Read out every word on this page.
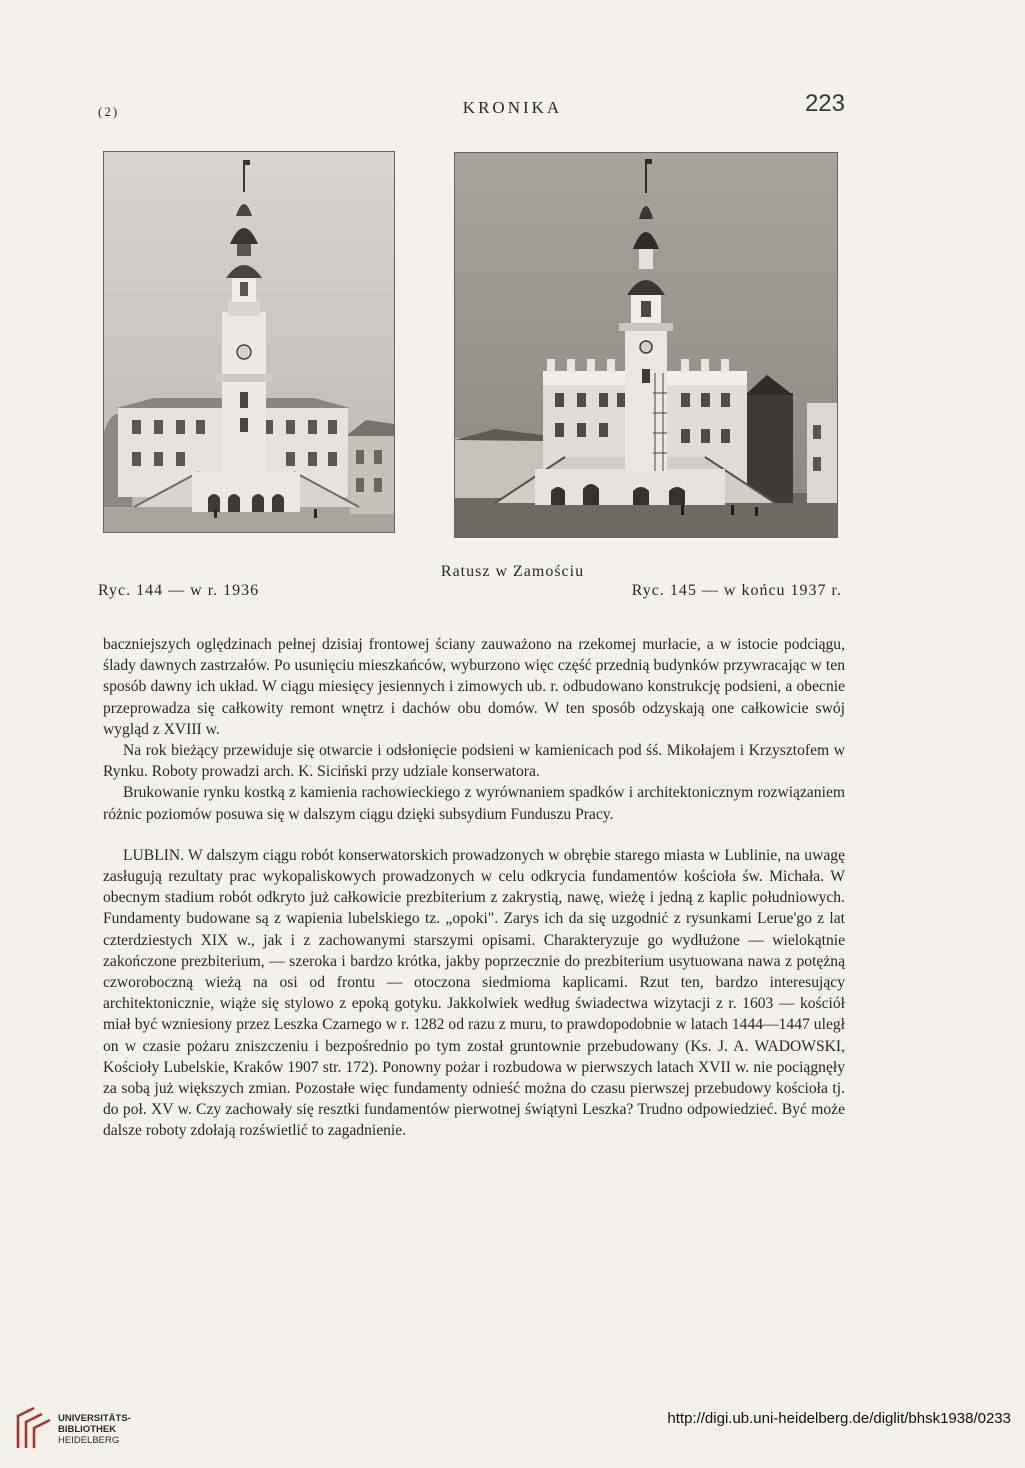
(2)	KRONIKA	223
Ratusz w Zamościu
Ryc. 144 — w r. 1936	Ryc. 145 — w końcu 1937 r.

baczniejszych oględzinach pełnej dzisiaj frontowej ściany zauważono na rzekomej murłacie, a w istocie podciągu, ślady dawnych zastrzałów. Po usunięciu mieszkańców, wyburzono więc część przednią budynków przywracając w ten sposób dawny ich układ. W ciągu miesięcy jesiennych i zimowych ub. r. odbudowano konstrukcję podsieni, a obecnie przeprowadza się całkowity remont wnętrz i dachów obu domów. W ten sposób odzyskają one całkowicie swój wygląd z XVIII w.

Na rok bieżący przewiduje się otwarcie i odsłonięcie podsieni w kamienicach pod śś. Mikołajem i Krzysztofem w Rynku. Roboty prowadzi arch. K. Siciński przy udziale konserwatora.

Brukowanie rynku kostką z kamienia rachowieckiego z wyrównaniem spadków i architektonicznym rozwiązaniem różnic poziomów posuwa się w dalszym ciągu dzięki subsydium Funduszu Pracy.

LUBLIN. W dalszym ciągu robót konserwatorskich prowadzonych w obrębie starego miasta w Lublinie, na uwagę zasługują rezultaty prac wykopaliskowych prowadzonych w celu odkrycia fundamentów kościoła św. Michała. W obecnym stadium robót odkryto już całkowicie prezbiterium z zakrystią, nawę, wieżę i jedną z kaplic południowych. Fundamenty budowane są z wapienia lubelskiego tz. „opoki". Zarys ich da się uzgodnić z rysunkami Lerue'go z lat czterdziestych XIX w., jak i z zachowanymi starszymi opisami. Charakteryzuje go wydłużone — wielokątnie zakończone prezbiterium, — szeroka i bardzo krótka, jakby poprzecznie do prezbiterium usytuowana nawa z potężną czworoboczną wieżą na osi od frontu — otoczona siedmioma kaplicami. Rzut ten, bardzo interesujący architektonicznie, wiąże się stylowo z epoką gotyku. Jakkolwiek według świadectwa wizytacji z r. 1603 — kościół miał być wzniesiony przez Leszka Czarnego w r. 1282 od razu z muru, to prawdopodobnie w latach 1444—1447 uległ on w czasie pożaru zniszczeniu i bezpośrednio po tym został gruntownie przebudowany (Ks. J. A. WADOWSKI, Kościoły Lubelskie, Kraków 1907 str. 172). Ponowny pożar i rozbudowa w pierwszych latach XVII w. nie pociągnęły za sobą już większych zmian. Pozostałe więc fundamenty odnieść można do czasu pierwszej przebudowy kościoła tj. do poł. XV w. Czy zachowały się resztki fundamentów pierwotnej świątyni Leszka? Trudno odpowiedzieć. Być może dalsze roboty zdołają rozświetlić to zagadnienie.

UNIVERSITÄTS-
BIBLIOTHEK
HEIDELBERG
http://digi.ub.uni-heidelberg.de/diglit/bhsk1938/0233
